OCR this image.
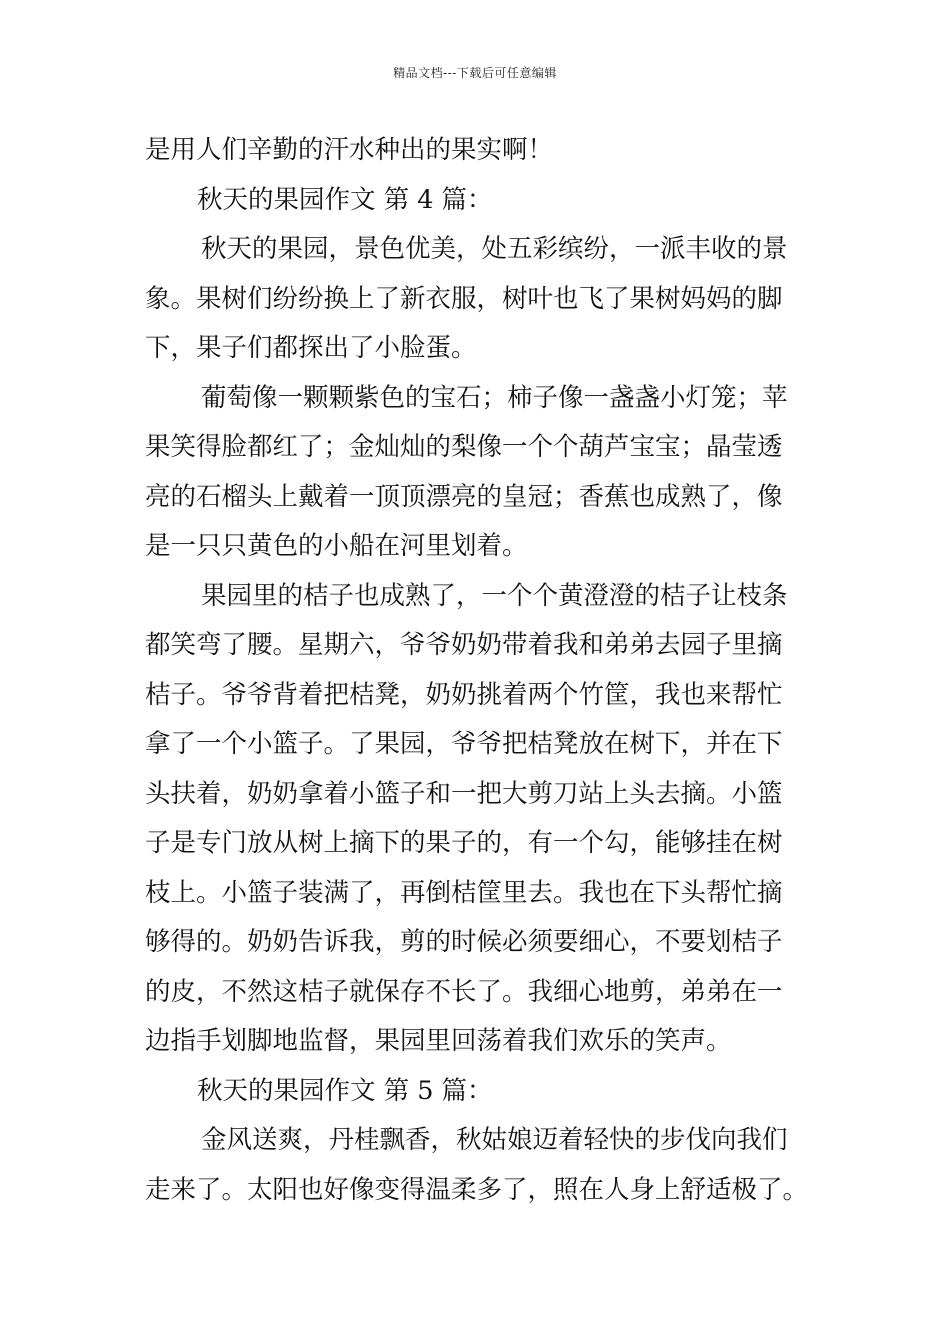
精品文档---下载后可任意编辑
是用人们辛勤的汗水种出的果实啊！
秋天的果园作文 第 4 篇：
秋天的果园，景色优美，处五彩缤纷，一派丰收的景
象。果树们纷纷换上了新衣服，树叶也飞了果树妈妈的脚
下，果子们都探出了小脸蛋。
葡萄像一颗颗紫色的宝石；柿子像一盏盏小灯笼；苹
果笑得脸都红了；金灿灿的梨像一个个葫芦宝宝；晶莹透
亮的石榴头上戴着一顶顶漂亮的皇冠；香蕉也成熟了，像
是一只只黄色的小船在河里划着。
果园里的桔子也成熟了，一个个黄澄澄的桔子让枝条
都笑弯了腰。星期六，爷爷奶奶带着我和弟弟去园子里摘
桔子。爷爷背着把桔凳，奶奶挑着两个竹筐，我也来帮忙
拿了一个小篮子。了果园，爷爷把桔凳放在树下，并在下
头扶着，奶奶拿着小篮子和一把大剪刀站上头去摘。小篮
子是专门放从树上摘下的果子的，有一个勾，能够挂在树
枝上。小篮子装满了，再倒桔筐里去。我也在下头帮忙摘
够得的。奶奶告诉我，剪的时候必须要细心，不要划桔子
的皮，不然这桔子就保存不长了。我细心地剪，弟弟在一
边指手划脚地监督，果园里回荡着我们欢乐的笑声。
秋天的果园作文 第 5 篇：
金风送爽，丹桂飘香，秋姑娘迈着轻快的步伐向我们
走来了。太阳也好像变得温柔多了，照在人身上舒适极了。
